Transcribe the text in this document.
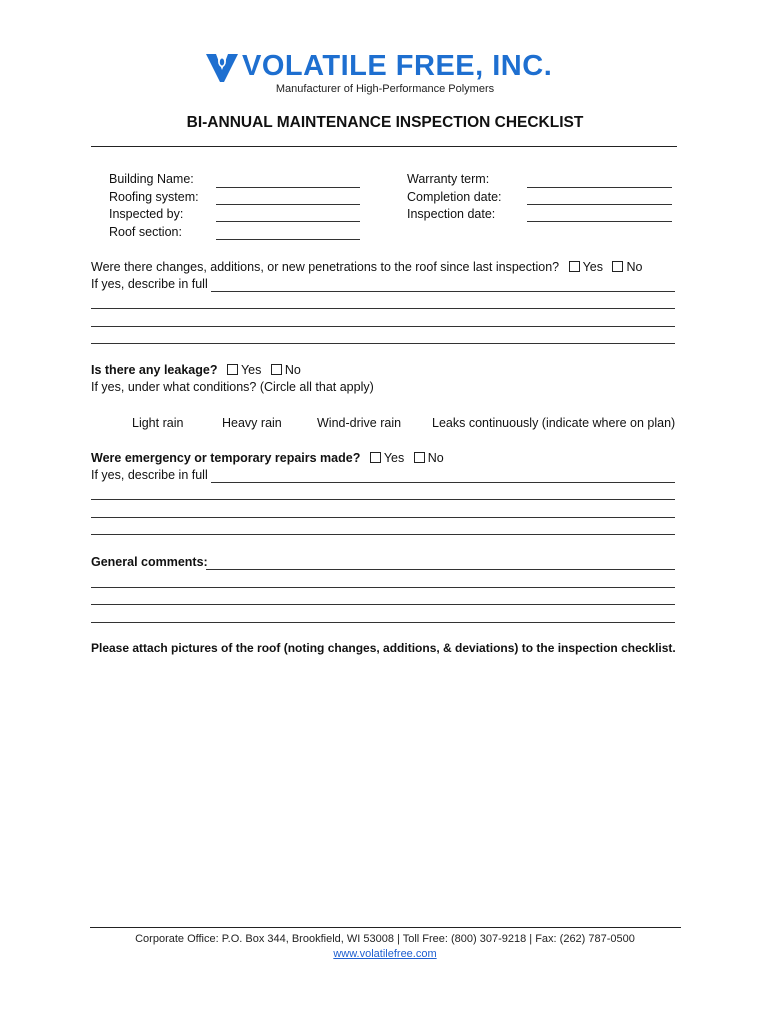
VOLATILE FREE, INC.
Manufacturer of High-Performance Polymers
BI-ANNUAL MAINTENANCE INSPECTION CHECKLIST
Building Name:
Roofing system:
Inspected by:
Roof section:
Warranty term:
Completion date:
Inspection date:
Were there changes, additions, or new penetrations to the roof since last inspection? Yes No
If yes, describe in full
Is there any leakage? Yes No
If yes, under what conditions? (Circle all that apply)
Light rain	Heavy rain	Wind-drive rain Leaks continuously (indicate where on plan)
Were emergency or temporary repairs made? Yes No
If yes, describe in full
General comments:
Please attach pictures of the roof (noting changes, additions, & deviations) to the inspection checklist.
Corporate Office: P.O. Box 344, Brookfield, WI 53008 | Toll Free: (800) 307-9218 | Fax: (262) 787-0500
www.volatilefree.com
